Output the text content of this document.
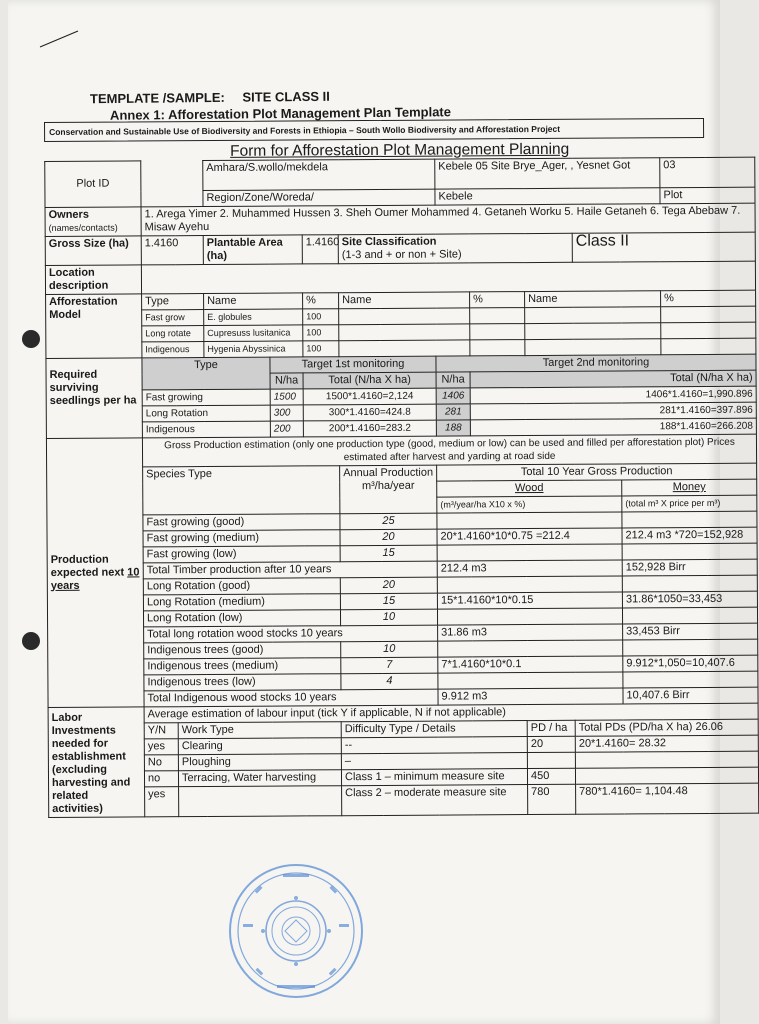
TEMPLATE /SAMPLE: SITE CLASS II
Annex 1: Afforestation Plot Management Plan Template
Conservation and Sustainable Use of Biodiversity and Forests in Ethiopia – South Wollo Biodiversity and Afforestation Project
Form for Afforestation Plot Management Planning												
Plot ID			Amhara/S.wollo/mekdela				Kebele 05 Site Brye_Ager, , Yesnet Got					03
			Region/Zone/Woreda/				Kebele					Plot
Owners
(names/contacts)	1. Arega Yimer 2. Muhammed Hussen 3. Sheh Oumer Mohammed 4. Getaneh Worku 5. Haile Getaneh 6. Tega Abebaw 7. Misaw Ayehu											
Gross Size (ha)	1.4160		Plantable Area (ha)		1.4160	Site Classification
(1-3 and + or non + Site)				Class II		
Location description												
Afforestation Model	Type		Name		%	Name		%	Name			%
	Fast grow		E. globules		100							
	Long rotate		Cupresuss lusitanica		100							
	Indigenous		Hygenia Abyssinica		100							
Required surviving seedlings per ha	Type			Target 1st monitoring			Target 2nd monitoring					
				N/ha	Total (N/ha X ha)		N/ha	Total (N/ha X ha)				
	Fast growing			1500	1500*1.4160=2,124		1406	1406*1.4160=1,990.896				
	Long Rotation			300	300*1.4160=424.8		281	281*1.4160=397.896				
	Indigenous			200	200*1.4160=283.2		188	188*1.4160=266.208				
Production expected next 10 years	Gross Production estimation (only one production type (good, medium or low) can be used and filled per afforestation plot) Prices estimated after harvest and yarding at road side											
	Species Type					Annual Production m³/ha/year	Total 10 Year Gross Production					
							Wood				Money	
							(m³/year/ha X10 x %)				(total m³ X price per m³)	
	Fast growing (good)					25						
	Fast growing (medium)					20	20*1.4160*10*0.75 =212.4				212.4 m3 *720=152,928	
	Fast growing (low)					15						
	Total Timber production after 10 years						212.4 m3				152,928 Birr	
	Long Rotation (good)					20						
	Long Rotation (medium)					15	15*1.4160*10*0.15				31.86*1050=33,453	
	Long Rotation (low)					10						
	Total long rotation wood stocks 10 years						31.86 m3				33,453 Birr	
	Indigenous trees (good)					10						
	Indigenous trees (medium)					7	7*1.4160*10*0.1				9.912*1,050=10,407.6	
	Indigenous trees (low)					4						
	Total Indigenous wood stocks 10 years						9.912 m3				10,407.6 Birr	
Labor Investments needed for establishment (excluding harvesting and related activities)	Average estimation of labour input (tick Y if applicable, N if not applicable)											
	Y/N	Work Type				Difficulty Type / Details			PD / ha	Total PDs (PD/ha X ha) 26.06		
	yes	Clearing				--			20	20*1.4160= 28.32		
	No	Ploughing				–						
	no	Terracing, Water harvesting				Class 1 – minimum measure site			450			
	yes					Class 2 – moderate measure site			780	780*1.4160= 1,104.48		
